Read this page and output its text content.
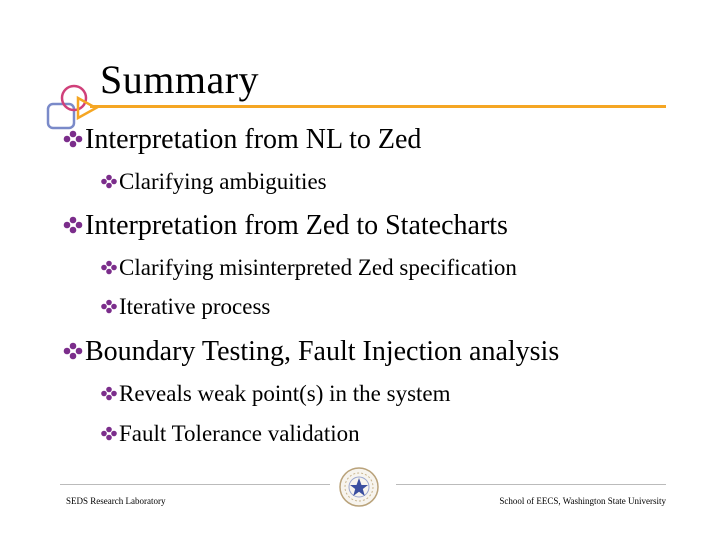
Summary
Interpretation from NL to Zed
Clarifying ambiguities
Interpretation from Zed to Statecharts
Clarifying misinterpreted Zed specification
Iterative process
Boundary Testing, Fault Injection analysis
Reveals weak point(s) in the system
Fault Tolerance validation
SEDS Research Laboratory	School of EECS, Washington State University
